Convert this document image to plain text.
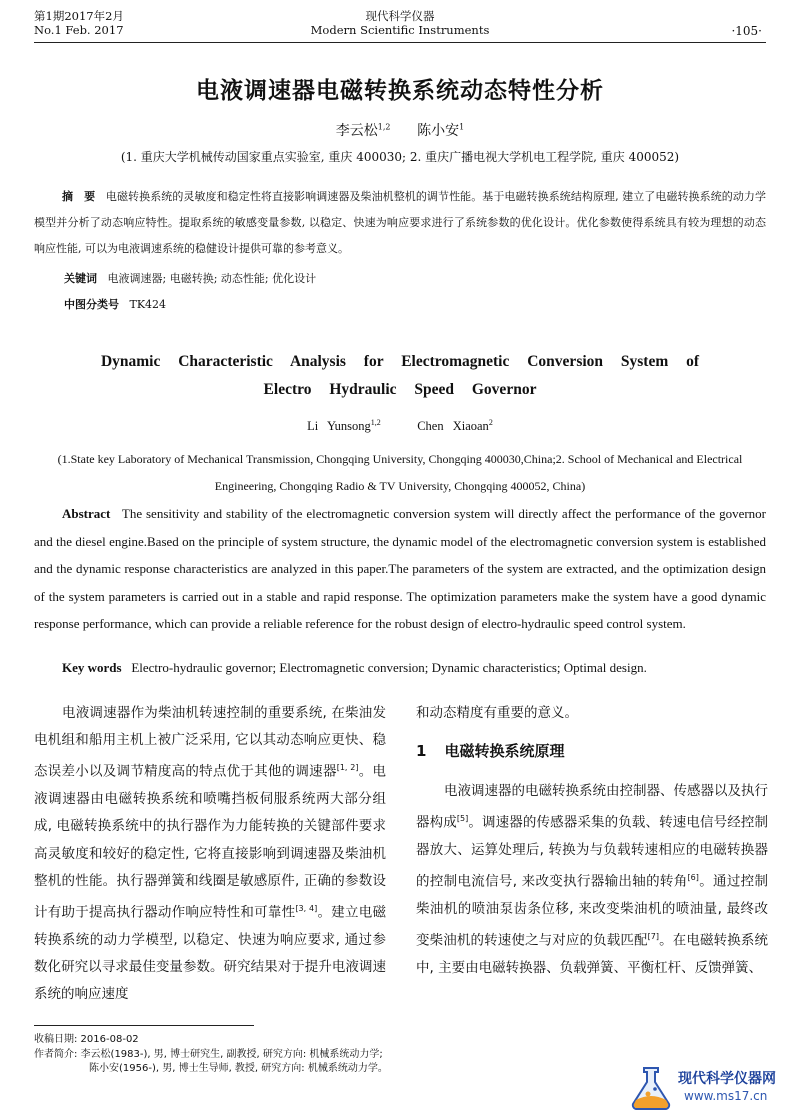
第1期2017年2月
No.1 Feb. 2017
现代科学仪器
Modern Scientific Instruments	·105·
电液调速器电磁转换系统动态特性分析
李云松$^{1,2}$ 陈小安$^1$
(1. 重庆大学机械传动国家重点实验室, 重庆 400030; 2. 重庆广播电视大学机电工程学院, 重庆 400052)
摘　要 电磁转换系统的灵敏度和稳定性将直接影响调速器及柴油机整机的调节性能。基于电磁转换系统结构原理, 建立了电磁转换系统的动力学模型并分析了动态响应特性。提取系统的敏感变量参数, 以稳定、快速为响应要求进行了系统参数的优化设计。优化参数使得系统具有较为理想的动态响应性能, 可以为电液调速系统的稳健设计提供可靠的参考意义。
关键词 电液调速器; 电磁转换; 动态性能; 优化设计
中图分类号 TK424
Dynamic Characteristic Analysis for Electromagnetic Conversion System of
Electro Hydraulic Speed Governor
Li Yunsong$^{1,2}$	Chen Xiaoan$^2$
(1.State key Laboratory of Mechanical Transmission, Chongqing University, Chongqing 400030,China;2. School of Mechanical and Electrical Engineering, Chongqing Radio & TV University, Chongqing 400052, China)
Abstract The sensitivity and stability of the electromagnetic conversion system will directly affect the performance of the governor and the diesel engine.Based on the principle of system structure, the dynamic model of the electromagnetic conversion system is established and the dynamic response characteristics are analyzed in this paper.The parameters of the system are extracted, and the optimization design of the system parameters is carried out in a stable and rapid response. The optimization parameters make the system have a good dynamic response performance, which can provide a reliable reference for the robust design of electro-hydraulic speed control system.
Key words Electro-hydraulic governor; Electromagnetic conversion; Dynamic characteristics; Optimal design.
电液调速器作为柴油机转速控制的重要系统, 在柴油发电机组和船用主机上被广泛采用, 它以其动态响应更快、稳态误差小以及调节精度高的特点优于其他的调速器[1, 2]。电液调速器由电磁转换系统和喷嘴挡板伺服系统两大部分组成, 电磁转换系统中的执行器作为力能转换的关键部件要求高灵敏度和较好的稳定性, 它将直接影响到调速器及柴油机整机的性能。执行器弹簧和线圈是敏感原件, 正确的参数设计有助于提高执行器动作响应特性和可靠性[3, 4]。建立电磁转换系统的动力学模型, 以稳定、快速为响应要求, 通过参数化研究以寻求最佳变量参数。研究结果对于提升电液调速系统的响应速度
和动态精度有重要的意义。
1 电磁转换系统原理
电液调速器的电磁转换系统由控制器、传感器以及执行器构成[5]。调速器的传感器采集的负载、转速电信号经控制器放大、运算处理后, 转换为与负载转速相应的电磁转换器的控制电流信号, 来改变执行器输出轴的转角[6]。通过控制柴油机的喷油泵齿条位移, 来改变柴油机的喷油量, 最终改变柴油机的转速使之与对应的负载匹配[7]。在电磁转换系统中, 主要由电磁转换器、负载弹簧、平衡杠杆、反馈弹簧、
收稿日期: 2016-08-02
作者简介: 李云松(1983-), 男, 博士研究生, 副教授, 研究方向: 机械系统动力学;
陈小安(1956-), 男, 博士生导师, 教授, 研究方向: 机械系统动力学。
现代科学仪器网
www.ms17.cn
